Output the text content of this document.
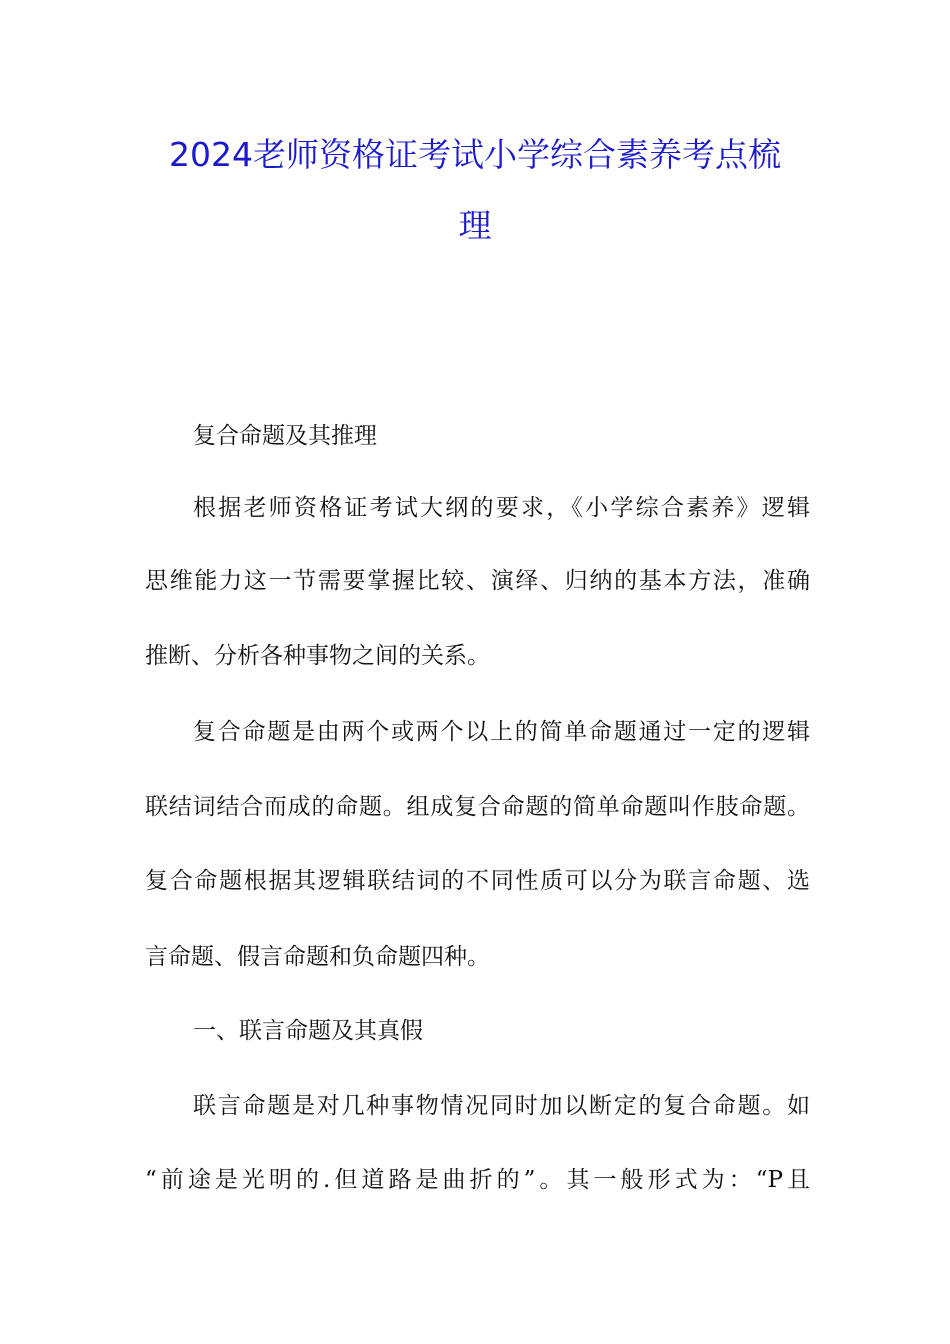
2024老师资格证考试小学综合素养考点梳
理

复合命题及其推理

根据老师资格证考试大纲的要求，《小学综合素养》逻辑

思维能力这一节需要掌握比较、演绎、归纳的基本方法，准确

推断、分析各种事物之间的关系。

复合命题是由两个或两个以上的简单命题通过一定的逻辑

联结词结合而成的命题。组成复合命题的简单命题叫作肢命题。

复合命题根据其逻辑联结词的不同性质可以分为联言命题、选

言命题、假言命题和负命题四种。

一、联言命题及其真假

联言命题是对几种事物情况同时加以断定的复合命题。如

“前途是光明的.但道路是曲折的”。其一般形式为：“P且
